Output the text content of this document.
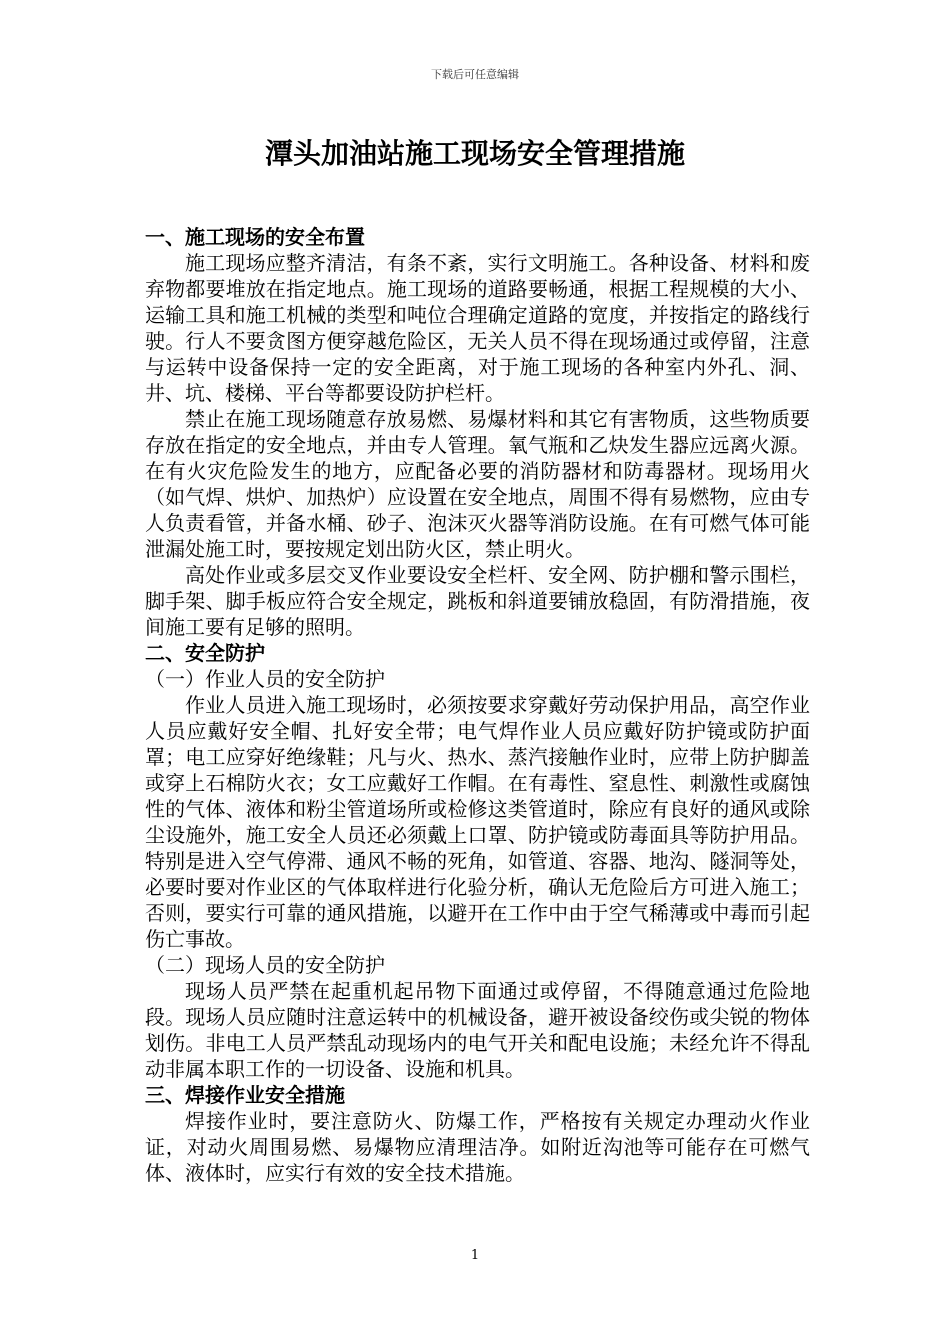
下载后可任意编辑
潭头加油站施工现场安全管理措施

一、施工现场的安全布置

施工现场应整齐清洁，有条不紊，实行文明施工。各种设备、材料和废弃物都要堆放在指定地点。施工现场的道路要畅通，根据工程规模的大小、运输工具和施工机械的类型和吨位合理确定道路的宽度，并按指定的路线行驶。行人不要贪图方便穿越危险区，无关人员不得在现场通过或停留，注意与运转中设备保持一定的安全距离，对于施工现场的各种室内外孔、洞、井、坑、楼梯、平台等都要设防护栏杆。

禁止在施工现场随意存放易燃、易爆材料和其它有害物质，这些物质要存放在指定的安全地点，并由专人管理。氧气瓶和乙炔发生器应远离火源。在有火灾危险发生的地方，应配备必要的消防器材和防毒器材。现场用火（如气焊、烘炉、加热炉）应设置在安全地点，周围不得有易燃物，应由专人负责看管，并备水桶、砂子、泡沫灭火器等消防设施。在有可燃气体可能泄漏处施工时，要按规定划出防火区，禁止明火。

高处作业或多层交叉作业要设安全栏杆、安全网、防护棚和警示围栏，脚手架、脚手板应符合安全规定，跳板和斜道要铺放稳固，有防滑措施，夜间施工要有足够的照明。

二、安全防护

（一）作业人员的安全防护

作业人员进入施工现场时，必须按要求穿戴好劳动保护用品，高空作业人员应戴好安全帽、扎好安全带；电气焊作业人员应戴好防护镜或防护面罩；电工应穿好绝缘鞋；凡与火、热水、蒸汽接触作业时，应带上防护脚盖或穿上石棉防火衣；女工应戴好工作帽。在有毒性、窒息性、刺激性或腐蚀性的气体、液体和粉尘管道场所或检修这类管道时，除应有良好的通风或除尘设施外，施工安全人员还必须戴上口罩、防护镜或防毒面具等防护用品。特别是进入空气停滞、通风不畅的死角，如管道、容器、地沟、隧洞等处，必要时要对作业区的气体取样进行化验分析，确认无危险后方可进入施工；否则，要实行可靠的通风措施，以避开在工作中由于空气稀薄或中毒而引起伤亡事故。

（二）现场人员的安全防护

现场人员严禁在起重机起吊物下面通过或停留，不得随意通过危险地段。现场人员应随时注意运转中的机械设备，避开被设备绞伤或尖锐的物体划伤。非电工人员严禁乱动现场内的电气开关和配电设施；未经允许不得乱动非属本职工作的一切设备、设施和机具。

三、焊接作业安全措施

焊接作业时，要注意防火、防爆工作，严格按有关规定办理动火作业证，对动火周围易燃、易爆物应清理洁净。如附近沟池等可能存在可燃气体、液体时，应实行有效的安全技术措施。

1
